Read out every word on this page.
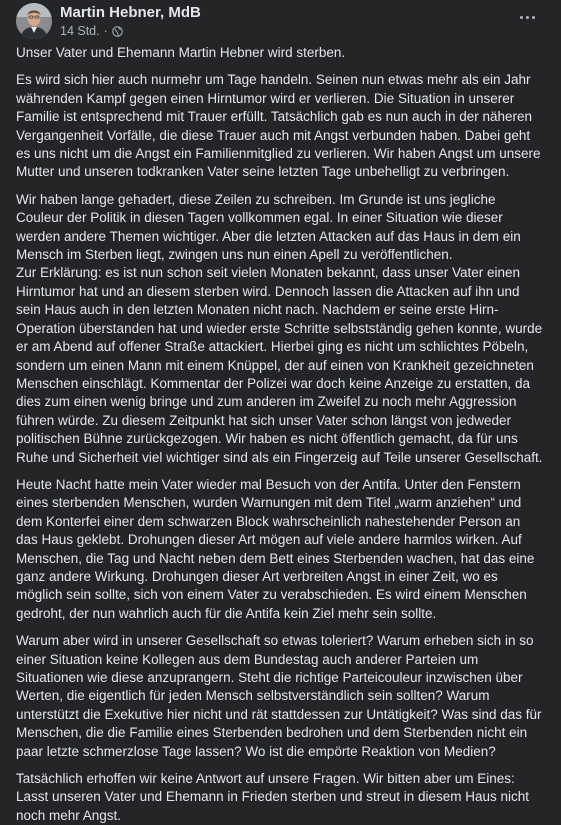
Martin Hebner, MdB
14 Std. ·

Unser Vater und Ehemann Martin Hebner wird sterben.

Es wird sich hier auch nurmehr um Tage handeln. Seinen nun etwas mehr als ein Jahr währenden Kampf gegen einen Hirntumor wird er verlieren. Die Situation in unserer Familie ist entsprechend mit Trauer erfüllt. Tatsächlich gab es nun auch in der näheren Vergangenheit Vorfälle, die diese Trauer auch mit Angst verbunden haben. Dabei geht es uns nicht um die Angst ein Familienmitglied zu verlieren. Wir haben Angst um unsere Mutter und unseren todkranken Vater seine letzten Tage unbehelligt zu verbringen.

Wir haben lange gehadert, diese Zeilen zu schreiben. Im Grunde ist uns jegliche Couleur der Politik in diesen Tagen vollkommen egal. In einer Situation wie dieser werden andere Themen wichtiger. Aber die letzten Attacken auf das Haus in dem ein Mensch im Sterben liegt, zwingen uns nun einen Apell zu veröffentlichen.
Zur Erklärung: es ist nun schon seit vielen Monaten bekannt, dass unser Vater einen Hirntumor hat und an diesem sterben wird. Dennoch lassen die Attacken auf ihn und sein Haus auch in den letzten Monaten nicht nach. Nachdem er seine erste Hirn-Operation überstanden hat und wieder erste Schritte selbstständig gehen konnte, wurde er am Abend auf offener Straße attackiert. Hierbei ging es nicht um schlichtes Pöbeln, sondern um einen Mann mit einem Knüppel, der auf einen von Krankheit gezeichneten Menschen einschlägt. Kommentar der Polizei war doch keine Anzeige zu erstatten, da dies zum einen wenig bringe und zum anderen im Zweifel zu noch mehr Aggression führen würde. Zu diesem Zeitpunkt hat sich unser Vater schon längst von jedweder politischen Bühne zurückgezogen. Wir haben es nicht öffentlich gemacht, da für uns Ruhe und Sicherheit viel wichtiger sind als ein Fingerzeig auf Teile unserer Gesellschaft.

Heute Nacht hatte mein Vater wieder mal Besuch von der Antifa. Unter den Fenstern eines sterbenden Menschen, wurden Warnungen mit dem Titel „warm anziehen“ und dem Konterfei einer dem schwarzen Block wahrscheinlich nahestehender Person an das Haus geklebt. Drohungen dieser Art mögen auf viele andere harmlos wirken. Auf Menschen, die Tag und Nacht neben dem Bett eines Sterbenden wachen, hat das eine ganz andere Wirkung. Drohungen dieser Art verbreiten Angst in einer Zeit, wo es möglich sein sollte, sich von einem Vater zu verabschieden. Es wird einem Menschen gedroht, der nun wahrlich auch für die Antifa kein Ziel mehr sein sollte.

Warum aber wird in unserer Gesellschaft so etwas toleriert? Warum erheben sich in so einer Situation keine Kollegen aus dem Bundestag auch anderer Parteien um Situationen wie diese anzuprangern. Steht die richtige Parteicouleur inzwischen über Werten, die eigentlich für jeden Mensch selbstverständlich sein sollten? Warum unterstützt die Exekutive hier nicht und rät stattdessen zur Untätigkeit? Was sind das für Menschen, die die Familie eines Sterbenden bedrohen und dem Sterbenden nicht ein paar letzte schmerzlose Tage lassen? Wo ist die empörte Reaktion von Medien?

Tatsächlich erhoffen wir keine Antwort auf unsere Fragen. Wir bitten aber um Eines: Lasst unseren Vater und Ehemann in Frieden sterben und streut in diesem Haus nicht noch mehr Angst.
